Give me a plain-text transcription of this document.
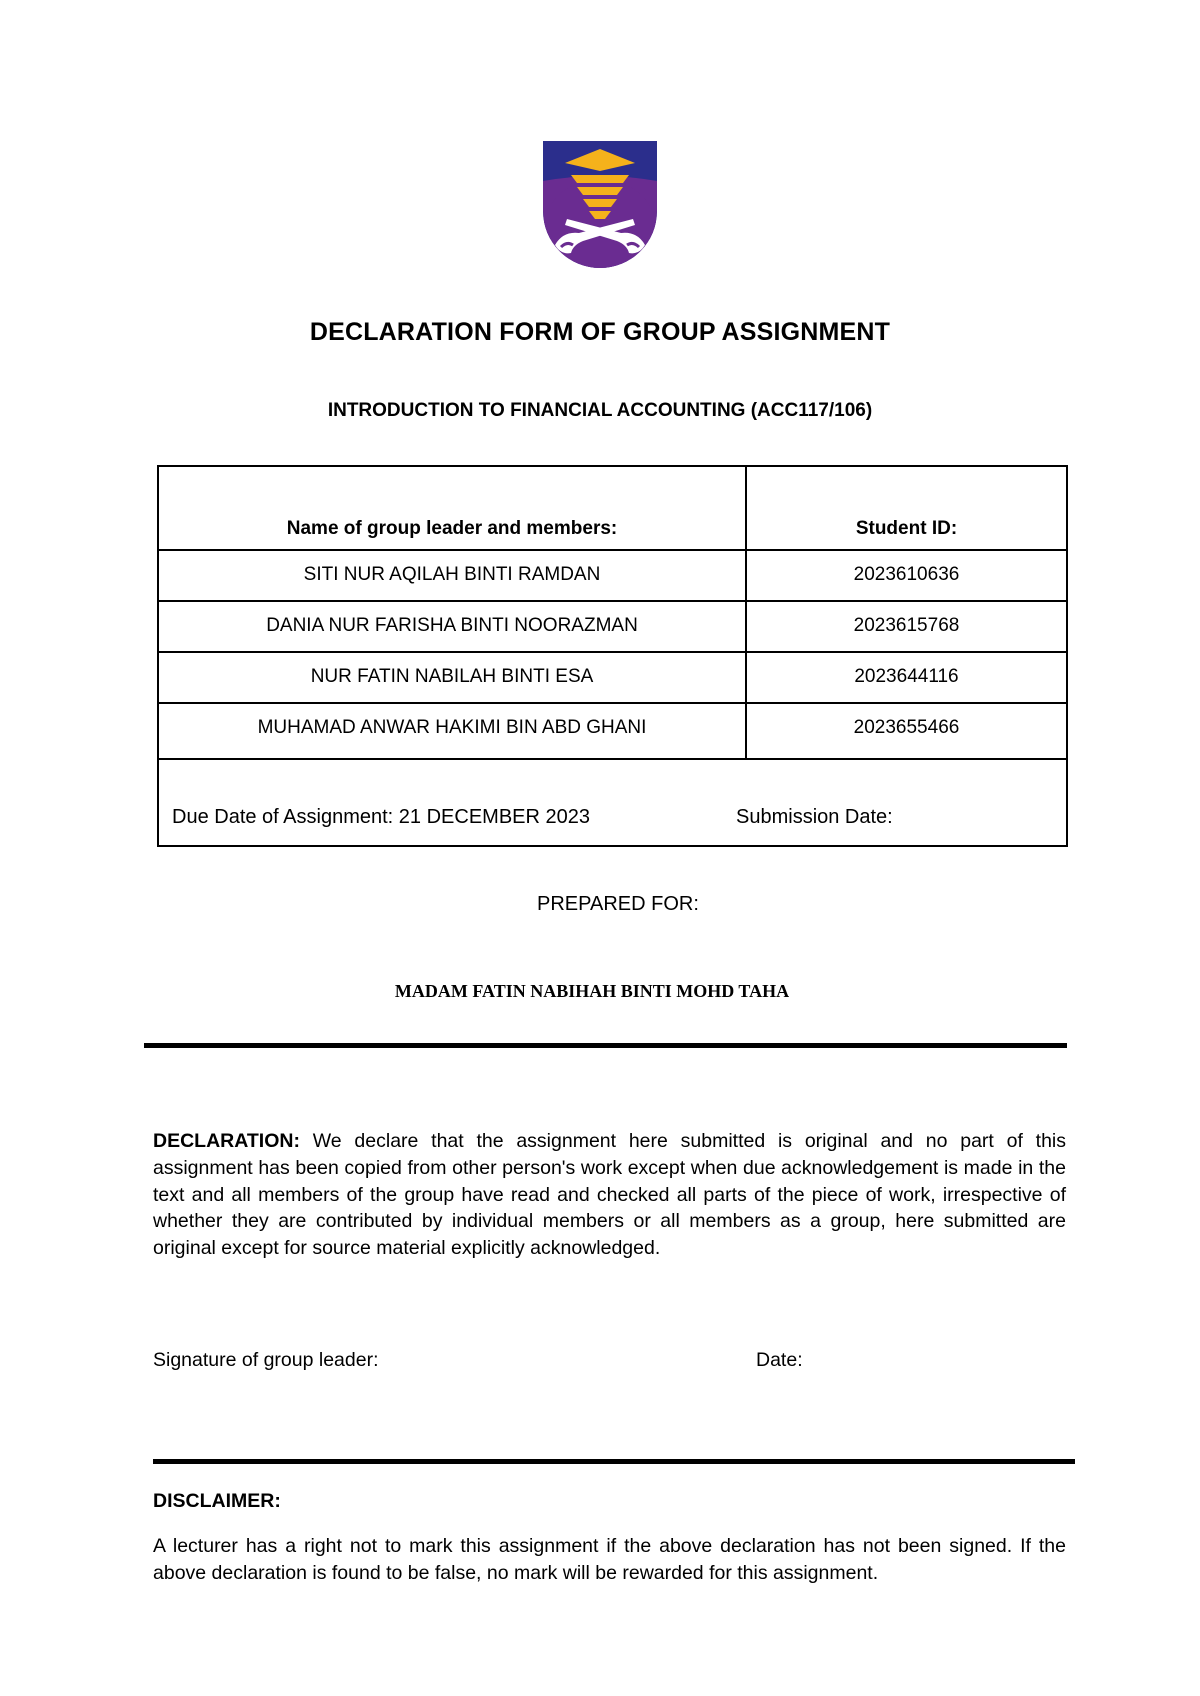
DECLARATION FORM OF GROUP ASSIGNMENT
INTRODUCTION TO FINANCIAL ACCOUNTING (ACC117/106)
Name of group leader and members:	Student ID:
SITI NUR AQILAH BINTI RAMDAN	2023610636
DANIA NUR FARISHA BINTI NOORAZMAN	2023615768
NUR FATIN NABILAH BINTI ESA	2023644116
MUHAMAD ANWAR HAKIMI BIN ABD GHANI	2023655466
Due Date of Assignment: 21 DECEMBER 2023	Submission Date:
PREPARED FOR:
MADAM FATIN NABIHAH BINTI MOHD TAHA
DECLARATION: We declare that the assignment here submitted is original and no part of this assignment has been copied from other person's work except when due acknowledgement is made in the text and all members of the group have read and checked all parts of the piece of work, irrespective of whether they are contributed by individual members or all members as a group, here submitted are original except for source material explicitly acknowledged.
Signature of group leader:	Date:
DISCLAIMER:
A lecturer has a right not to mark this assignment if the above declaration has not been signed. If the above declaration is found to be false, no mark will be rewarded for this assignment.
